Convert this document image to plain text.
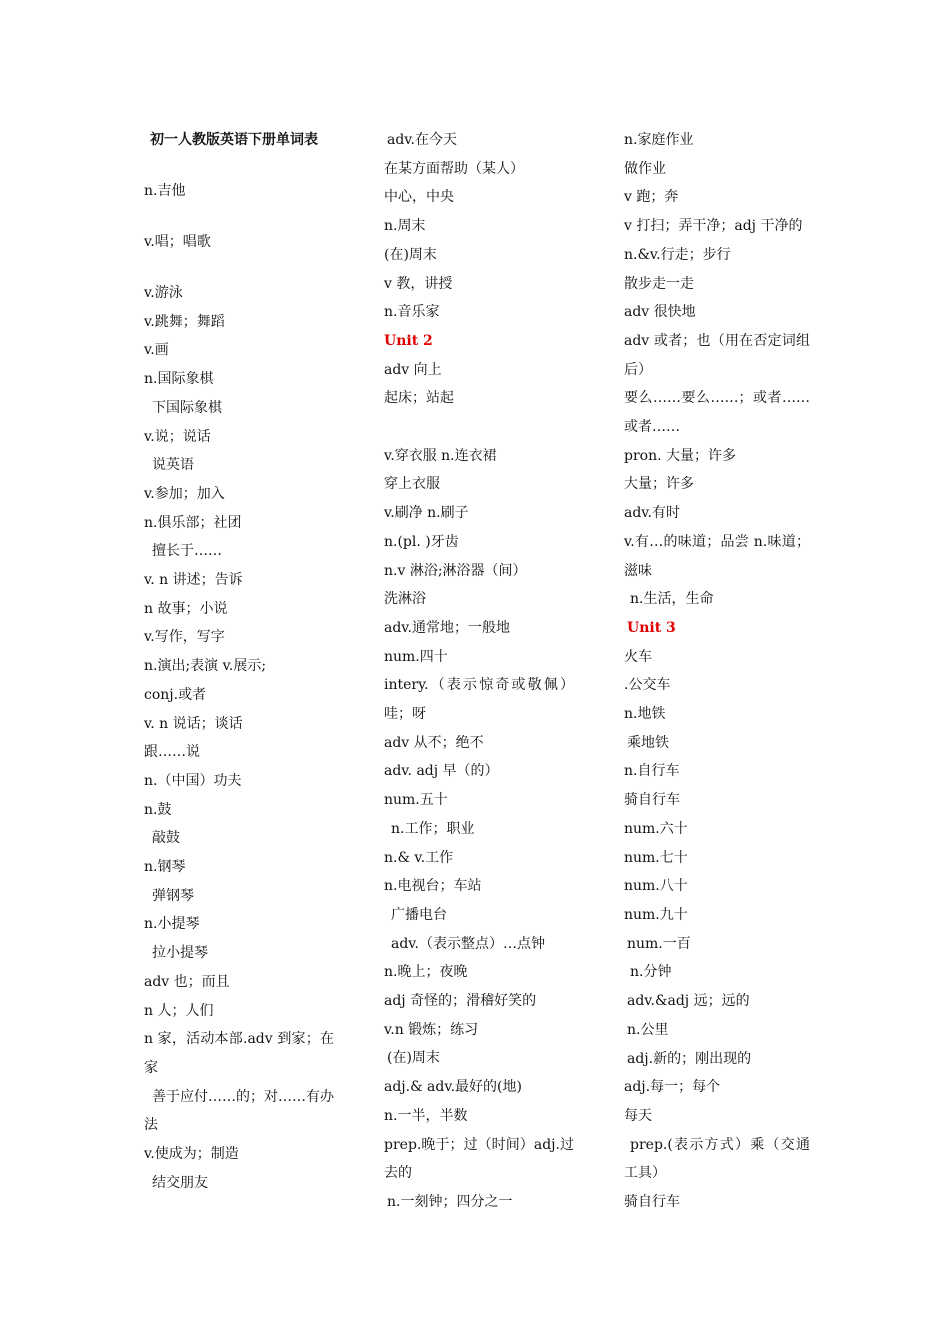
初一人教版英语下册单词表
n.吉他
v.唱；唱歌
v.游泳
v.跳舞；舞蹈
v.画
n.国际象棋
下国际象棋
v.说；说话
说英语
v.参加；加入
n.俱乐部；社团
擅长于……
v. n 讲述；告诉
n 故事；小说
v.写作，写字
n.演出;表演 v.展示;
conj.或者
v. n 说话；谈话
跟……说
n.（中国）功夫
n.鼓
敲鼓
n.钢琴
弹钢琴
n.小提琴
拉小提琴
adv 也；而且
n 人；人们
n 家，活动本部.adv 到家；在家
善于应付……的；对……有办法
v.使成为；制造
结交朋友
adv.在今天
在某方面帮助（某人）
中心，中央
n.周末
(在)周末
v 教，讲授
n.音乐家
Unit 2
adv 向上
起床；站起
v.穿衣服 n.连衣裙
穿上衣服
v.刷净 n.刷子
n.(pl. )牙齿
n.v 淋浴;淋浴器（间）
洗淋浴
adv.通常地；一般地
num.四十
intery.（表示惊奇或敬佩）哇；呀
adv 从不；绝不
adv. adj 早（的）
num.五十
n.工作；职业
n.& v.工作
n.电视台；车站
广播电台
adv.（表示整点）…点钟
n.晚上；夜晚
adj 奇怪的；滑稽好笑的
v.n 锻炼；练习
(在)周末
adj.& adv.最好的(地)
n.一半，半数
prep.晚于；过（时间）adj.过去的
n.一刻钟；四分之一
n.家庭作业
做作业
v 跑；奔
v 打扫；弄干净；adj 干净的
n.&v.行走；步行
散步走一走
adv 很快地
adv 或者；也（用在否定词组后）
要么……要么……；或者……或者……
pron. 大量；许多
大量；许多
adv.有时
v.有…的味道；品尝 n.味道；滋味
n.生活，生命
Unit 3
火车
.公交车
n.地铁
乘地铁
n.自行车
骑自行车
num.六十
num.七十
num.八十
num.九十
num.一百
n.分钟
adv.&adj 远；远的
n.公里
adj.新的；刚出现的
adj.每一；每个
每天
prep.(表示方式）乘（交通工具）
骑自行车
